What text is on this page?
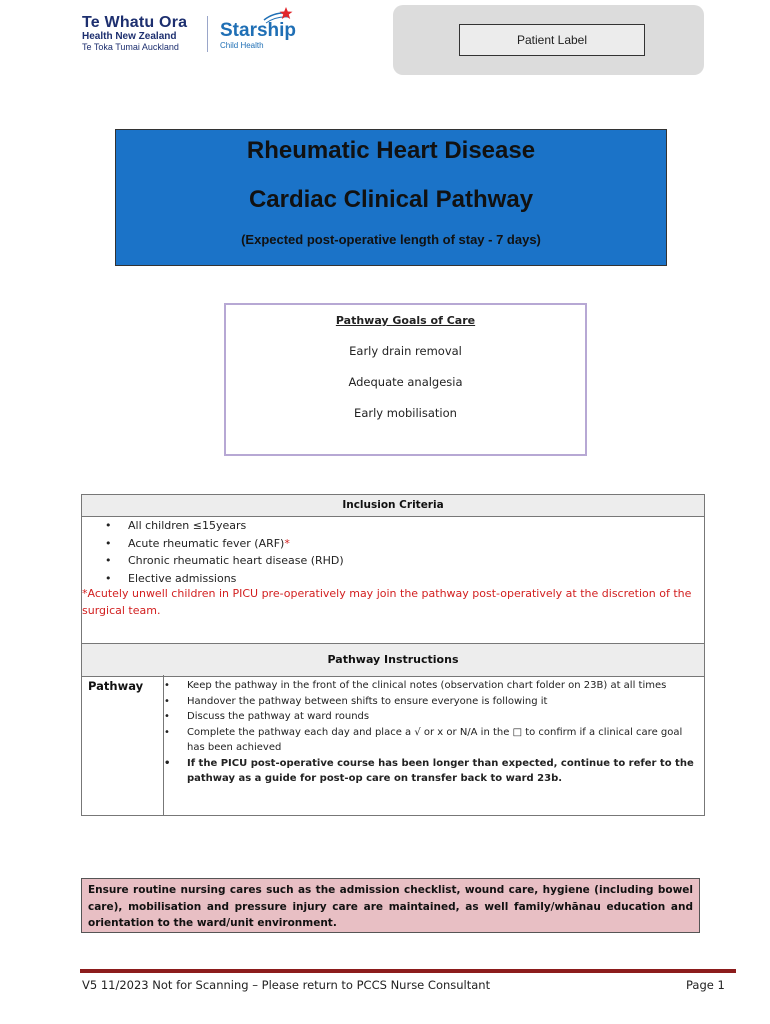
Te Whatu Ora
Health New Zealand
Te Toka Tumai Auckland
Starship
Child Health	Patient Label
Rheumatic Heart Disease
Cardiac Clinical Pathway
(Expected post-operative length of stay - 7 days)
Pathway Goals of Care
Early drain removal
Adequate analgesia
Early mobilisation
Inclusion Criteria
• All children ≤15years
• Acute rheumatic fever (ARF)*
• Chronic rheumatic heart disease (RHD)
• Elective admissions
*Acutely unwell children in PICU pre-operatively may join the pathway post-operatively at the discretion of the surgical team.
Pathway Instructions
Pathway
•	Keep the pathway in the front of the clinical notes (observation chart folder on 23B) at all times
• Handover the pathway between shifts to ensure everyone is following it
• Discuss the pathway at ward rounds
• Complete the pathway each day and place a √ or x or N/A in the □ to confirm if a clinical care goal has been achieved
• If the PICU post-operative course has been longer than expected, continue to refer to the pathway as a guide for post-op care on transfer back to ward 23b.
Ensure routine nursing cares such as the admission checklist, wound care, hygiene (including bowel care), mobilisation and pressure injury care are maintained, as well family/whānau education and orientation to the ward/unit environment.
V5 11/2023 Not for Scanning – Please return to PCCS Nurse Consultant	Page 1
